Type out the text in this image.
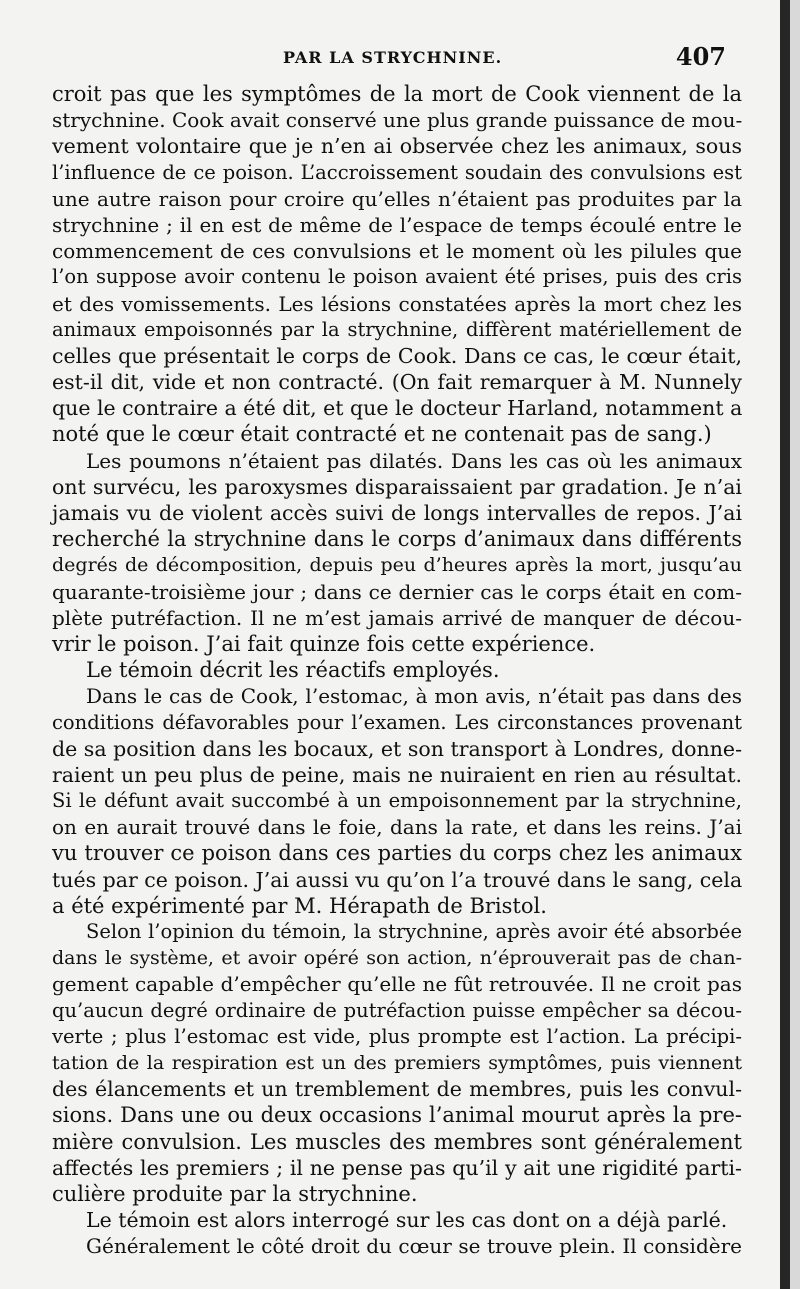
PAR LA STRYCHNINE.	407
croit pas que les symptômes de la mort de Cook viennent de la
strychnine. Cook avait conservé une plus grande puissance de mou-
vement volontaire que je n’en ai observée chez les animaux, sous
l’influence de ce poison. L’accroissement soudain des convulsions est
une autre raison pour croire qu’elles n’étaient pas produites par la
strychnine ; il en est de même de l’espace de temps écoulé entre le
commencement de ces convulsions et le moment où les pilules que
l’on suppose avoir contenu le poison avaient été prises, puis des cris
et des vomissements. Les lésions constatées après la mort chez les
animaux empoisonnés par la strychnine, diffèrent matériellement de
celles que présentait le corps de Cook. Dans ce cas, le cœur était,
est-il dit, vide et non contracté. (On fait remarquer à M. Nunnely
que le contraire a été dit, et que le docteur Harland, notamment a
noté que le cœur était contracté et ne contenait pas de sang.)
Les poumons n’étaient pas dilatés. Dans les cas où les animaux
ont survécu, les paroxysmes disparaissaient par gradation. Je n’ai
jamais vu de violent accès suivi de longs intervalles de repos. J’ai
recherché la strychnine dans le corps d’animaux dans différents
degrés de décomposition, depuis peu d’heures après la mort, jusqu’au
quarante-troisième jour ; dans ce dernier cas le corps était en com-
plète putréfaction. Il ne m’est jamais arrivé de manquer de décou-
vrir le poison. J’ai fait quinze fois cette expérience.
Le témoin décrit les réactifs employés.
Dans le cas de Cook, l’estomac, à mon avis, n’était pas dans des
conditions défavorables pour l’examen. Les circonstances provenant
de sa position dans les bocaux, et son transport à Londres, donne-
raient un peu plus de peine, mais ne nuiraient en rien au résultat.
Si le défunt avait succombé à un empoisonnement par la strychnine,
on en aurait trouvé dans le foie, dans la rate, et dans les reins. J’ai
vu trouver ce poison dans ces parties du corps chez les animaux
tués par ce poison. J’ai aussi vu qu’on l’a trouvé dans le sang, cela
a été expérimenté par M. Hérapath de Bristol.
Selon l’opinion du témoin, la strychnine, après avoir été absorbée
dans le système, et avoir opéré son action, n’éprouverait pas de chan-
gement capable d’empêcher qu’elle ne fût retrouvée. Il ne croit pas
qu’aucun degré ordinaire de putréfaction puisse empêcher sa décou-
verte ; plus l’estomac est vide, plus prompte est l’action. La précipi-
tation de la respiration est un des premiers symptômes, puis viennent
des élancements et un tremblement de membres, puis les convul-
sions. Dans une ou deux occasions l’animal mourut après la pre-
mière convulsion. Les muscles des membres sont généralement
affectés les premiers ; il ne pense pas qu’il y ait une rigidité parti-
culière produite par la strychnine.
Le témoin est alors interrogé sur les cas dont on a déjà parlé.
Généralement le côté droit du cœur se trouve plein. Il considère
